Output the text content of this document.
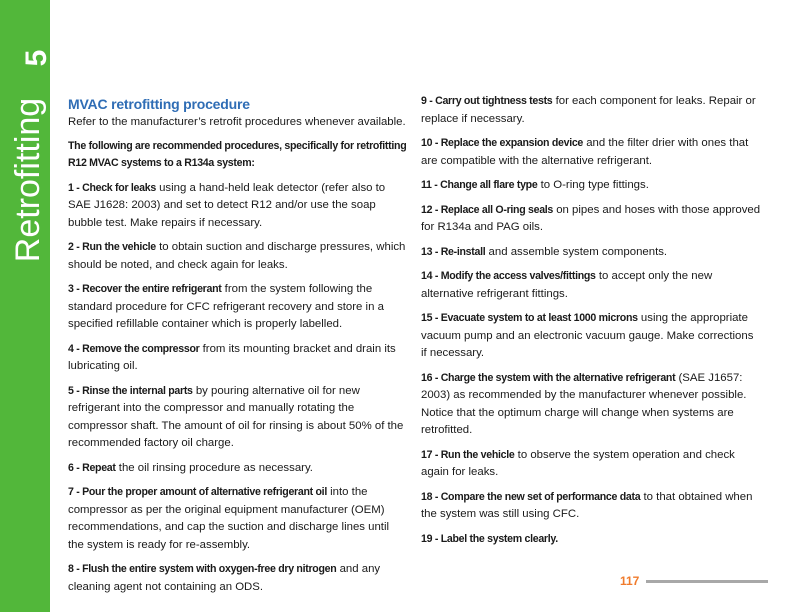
5
Retrofitting MVAC retrofitting procedure

Refer to the manufacturer’s retrofit procedures whenever available.

The following are recommended procedures, specifically for retrofitting R12 MVAC systems to a R134a system:

1 - Check for leaks using a hand-held leak detector (refer also to SAE J1628: 2003) and set to detect R12 and/or use the soap bubble test. Make repairs if necessary.

2 - Run the vehicle to obtain suction and discharge pressures, which should be noted, and check again for leaks.

3 - Recover the entire refrigerant from the system following the standard procedure for CFC refrigerant recovery and store in a specified refillable container which is properly labelled.

4 - Remove the compressor from its mounting bracket and drain its lubricating oil.

5 - Rinse the internal parts by pouring alternative oil for new refrigerant into the compressor and manually rotating the compressor shaft. The amount of oil for rinsing is about 50% of the recommended factory oil charge.

6 - Repeat the oil rinsing procedure as necessary.

7 - Pour the proper amount of alternative refrigerant oil into the compressor as per the original equipment manufacturer (OEM) recommendations, and cap the suction and discharge lines until the system is ready for re-assembly.

8 - Flush the entire system with oxygen-free dry nitrogen and any cleaning agent not containing an ODS.

9 - Carry out tightness tests for each component for leaks. Repair or replace if necessary.

10 - Replace the expansion device and the filter drier with ones that are compatible with the alternative refrigerant.

11 - Change all flare type to O-ring type fittings.

12 - Replace all O-ring seals on pipes and hoses with those approved for R134a and PAG oils.

13 - Re-install and assemble system components.

14 - Modify the access valves/fittings to accept only the new alternative refrigerant fittings.

15 - Evacuate system to at least 1000 microns using the appropriate vacuum pump and an electronic vacuum gauge. Make corrections if necessary.

16 - Charge the system with the alternative refrigerant (SAE J1657: 2003) as recommended by the manufacturer whenever possible. Notice that the optimum charge will change when systems are retrofitted.

17 - Run the vehicle to observe the system operation and check again for leaks.

18 - Compare the new set of performance data to that obtained when the system was still using CFC.

19 - Label the system clearly.

117
